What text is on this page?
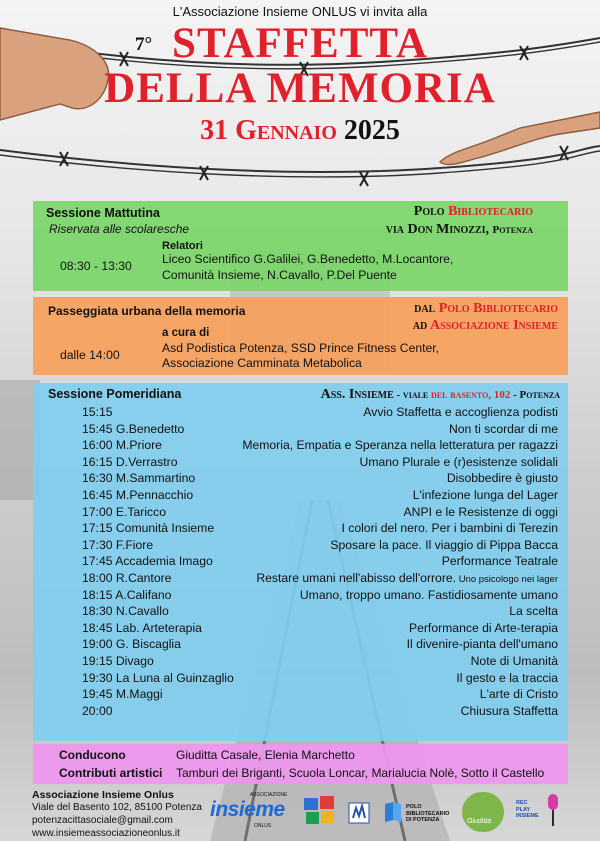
L'Associazione Insieme ONLUS vi invita alla
7° STAFFETTA
DELLA MEMORIA
31 Gennaio 2025
Sessione Mattutina
Riservata alle scolaresche
Polo Bibliotecario
via Don Minozzi, Potenza
Relatori
08:30 - 13:30 Liceo Scientifico G.Galilei, G.Benedetto, M.Locantore,
Comunità Insieme, N.Cavallo, P.Del Puente
Passeggiata urbana della memoria	dal Polo Bibliotecario
ad Associazione Insieme
a cura di
dalle 14:00	Asd Podistica Potenza, SSD Prince Fitness Center,
Associazione Camminata Metabolica
Sessione Pomeridiana	Ass. Insieme - viale del basento, 102 - Potenza
15:15	Avvio Staffetta e accoglienza podisti
15:45 G.Benedetto	Non ti scordar di me
16:00 M.Priore	Memoria, Empatia e Speranza nella letteratura per ragazzi
16:15 D.Verrastro	Umano Plurale e (r)esistenze solidali
16:30 M.Sammartino	Disobbedire è giusto
16:45 M.Pennacchio	L'infezione lunga del Lager
17:00 E.Taricco	ANPI e le Resistenze di oggi
17:15 Comunità Insieme	I colori del nero. Per i bambini di Terezin
17:30 F.Fiore	Sposare la pace. Il viaggio di Pippa Bacca
17:45 Accademia Imago	Performance Teatrale
18:00 R.Cantore	Restare umani nell'abisso dell'orrore. Uno psicologo nei lager
18:15 A.Califano	Umano, troppo umano. Fastidiosamente umano
18:30 N.Cavallo	La scelta
18:45 Lab. Arteterapia	Performance di Arte-terapia
19:00 G. Biscaglia	Il divenire-pianta dell'umano
19:15 Divago	Note di Umanità
19:30 La Luna al Guinzaglio	Il gesto e la traccia
19:45 M.Maggi	L'arte di Cristo
20:00	Chiusura Staffetta
Conducono	Giuditta Casale, Elenia Marchetto
Contributi artistici Tamburi dei Briganti, Scuola Loncar, Marialucia Nolè, Sotto il Castello
Associazione Insieme Onlus
Viale del Basento 102, 85100 Potenza
potenzacittasociale@gmail.com
www.insiemeassociazioneonlus.it
ASSOCIAZIONE
insieme
ONLUS
POLO
BIBLIOTECARIO
DI POTENZA	Giuditta
REC
PLAY
INSIEME
